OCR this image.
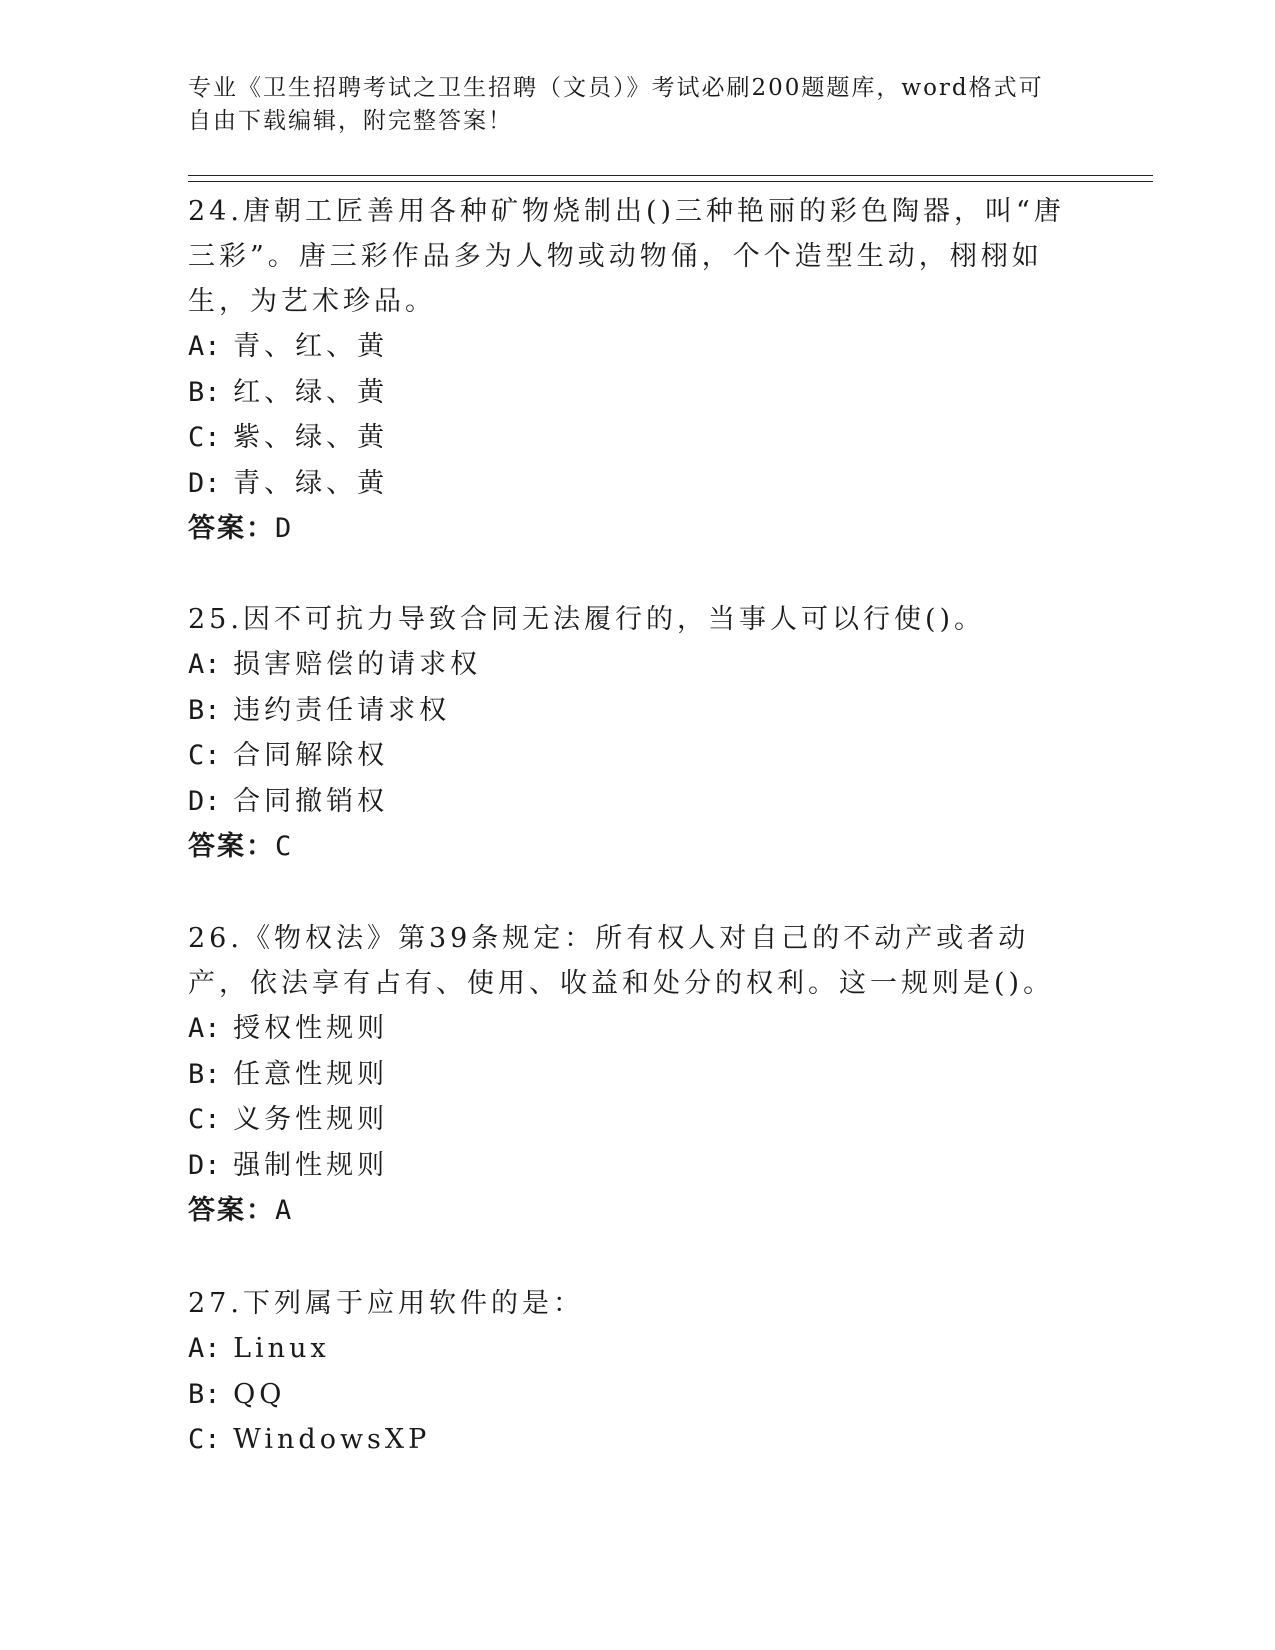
专业《卫生招聘考试之卫生招聘（文员）》考试必刷200题题库，word格式可自由下载编辑，附完整答案！

24.唐朝工匠善用各种矿物烧制出()三种艳丽的彩色陶器，叫“唐三彩”。唐三彩作品多为人物或动物俑，个个造型生动，栩栩如生，为艺术珍品。

A: 青、红、黄

B: 红、绿、黄

C: 紫、绿、黄

D: 青、绿、黄

答案：D

25.因不可抗力导致合同无法履行的，当事人可以行使()。

A: 损害赔偿的请求权

B: 违约责任请求权

C: 合同解除权

D: 合同撤销权

答案：C

26.《物权法》第39条规定：所有权人对自己的不动产或者动产，依法享有占有、使用、收益和处分的权利。这一规则是()。

A: 授权性规则

B: 任意性规则

C: 义务性规则

D: 强制性规则

答案：A

27.下列属于应用软件的是：

A: Linux

B: QQ

C: WindowsXP
